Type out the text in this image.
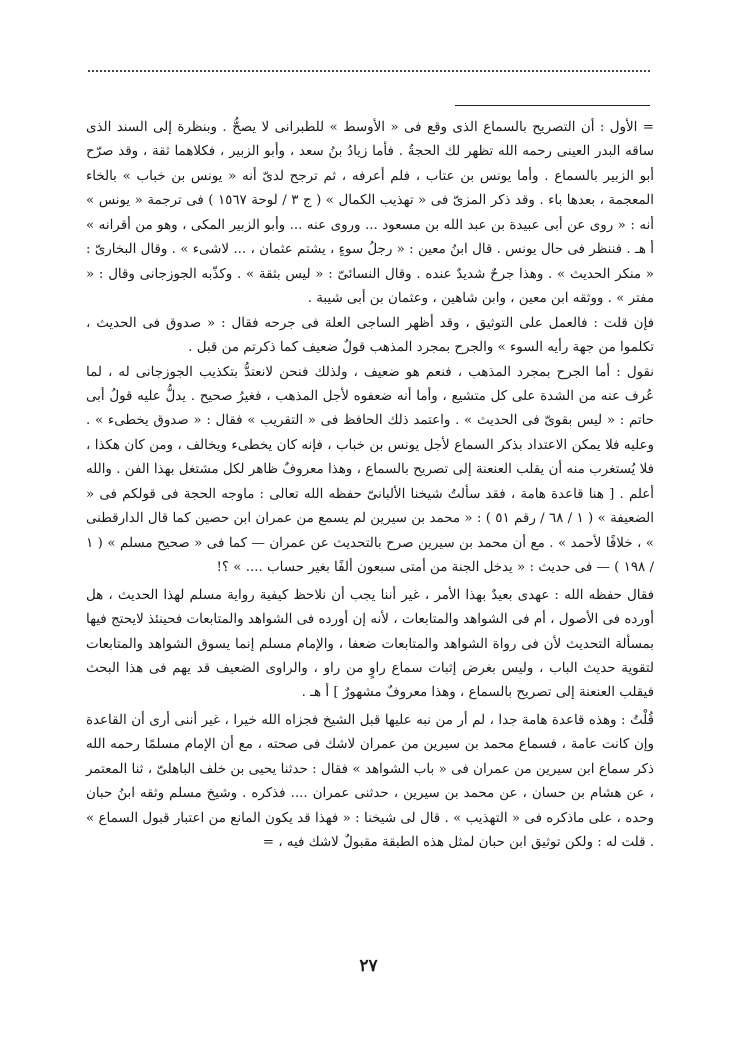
= الأول : أن التصريح بالسماع الذى وقع فى « الأوسط » للطبرانى لا يصحُّ . وبنظرة إلى السند الذى ساقه البدر العينى رحمه الله تظهر لك الحجةُ . فأما زيادُ بنُ سعد ، وأبو الزبير ، فكلاهما ثقة ، وقد صرّح أبو الزبير بالسماع . وأما يونس بن عتاب ، فلم أعرفه ، ثم ترجح لدىّ أنه « يونس بن خباب » بالخاء المعجمة ، بعدها باء . وقد ذكر المزىّ فى « تهذيب الكمال » ( ج ٣ / لوحة ١٥٦٧ ) فى ترجمة « يونس » أنه : « روى عن أبى عبيدة بن عبد الله بن مسعود ... وروى عنه ... وأبو الزبير المكى ، وهو من أقرانه » أ هـ . فننظر فى حال يونس . قال ابنُ معين : « رجلُ سوءٍ ، يشتم عثمان ، ... لاشىء » . وقال البخارىّ : « منكر الحديث » . وهذا جرحٌ شديدٌ عنده . وقال النسائىّ : « ليس بثقة » . وكذّبه الجوزجانى وقال : « مفتر » . ووثقه ابن معين ، وابن شاهين ، وعثمان بن أبى شيبة .

فإن قلت : فالعمل على التوثيق ، وقد أظهر الساجى العلة فى جرحه فقال : « صدوق فى الحديث ، تكلموا من جهة رأيه السوء » والجرح بمجرد المذهب قولٌ ضعيف كما ذكرتم من قبل .

نقول : أما الجرح بمجرد المذهب ، فنعم هو ضعيف ، ولذلك فنحن لانعتدُّ بتكذيب الجوزجانى له ، لما عُرف عنه من الشدة على كل متشيع ، وأما أنه ضعفوه لأجل المذهب ، فغيرُ صحيح . يدلُّ عليه قولُ أبى حاتم : « ليس بقوىّ فى الحديث » . واعتمد ذلك الحافظ فى « التقريب » فقال : « صدوق يخطىء » . وعليه فلا يمكن الاعتداد بذكر السماع لأجل يونس بن خباب ، فإنه كان يخطىء ويخالف ، ومن كان هكذا ، فلا يُستغرب منه أن يقلب العنعنة إلى تصريح بالسماع ، وهذا معروفٌ ظاهر لكل مشتغل بهذا الفن . والله أعلم . [ هنا قاعدة هامة ، فقد سألتُ شيخنا الألبانىّ حفظه الله تعالى : ماوجه الحجة فى قولكم فى « الضعيفة » ( ١ / ٦٨ / رقم ٥١ ) : « محمد بن سيرين لم يسمع من عمران ابن حصين كما قال الدارقطنى » ، خلافًا لأحمد » . مع أن محمد بن سيرين صرح بالتحديث عن عمران — كما فى « صحيح مسلم » ( ١ / ١٩٨ ) — فى حديث : « يدخل الجنة من أمتى سبعون ألفًا بغير حساب .... » ؟!

فقال حفظه الله : عهدى بعيدٌ بهذا الأمر ، غير أننا يجب أن نلاحظ كيفية رواية مسلم لهذا الحديث ، هل أورده فى الأصول ، أم فى الشواهد والمتابعات ، لأنه إن أورده فى الشواهد والمتابعات فحينئذ لايحتج فيها بمسألة التحديث لأن فى رواة الشواهد والمتابعات ضعفا ، والإمام مسلم إنما يسوق الشواهد والمتابعات لتقوية حديث الباب ، وليس بغرض إثبات سماع راوٍ من راو ، والراوى الضعيف قد يهم فى هذا البحث فيقلب العنعنة إلى تصريح بالسماع ، وهذا معروفٌ مشهورٌ ] أ هـ .

قُلْتُ : وهذه قاعدة هامة جدا ، لم أر من نبه عليها قبل الشيخ فجزاه الله خيرا ، غير أننى أرى أن القاعدة وإن كانت عامة ، فسماع محمد بن سيرين من عمران لاشك فى صحته ، مع أن الإمام مسلمًا رحمه الله ذكر سماع ابن سيرين من عمران فى « باب الشواهد » فقال : حدثنا يحيى بن خلف الباهلىّ ، ثنا المعتمر ، عن هشام بن حسان ، عن محمد بن سيرين ، حدثنى عمران .... فذكره . وشيخ مسلم وثقه ابنُ حبان وحده ، على ماذكره فى « التهذيب » . قال لى شيخنا : « فهذا قد يكون المانع من اعتبار قبول السماع » . قلت له : ولكن توثيق ابن حبان لمثل هذه الطبقة مقبولٌ لاشك فيه ، =

٢٧
